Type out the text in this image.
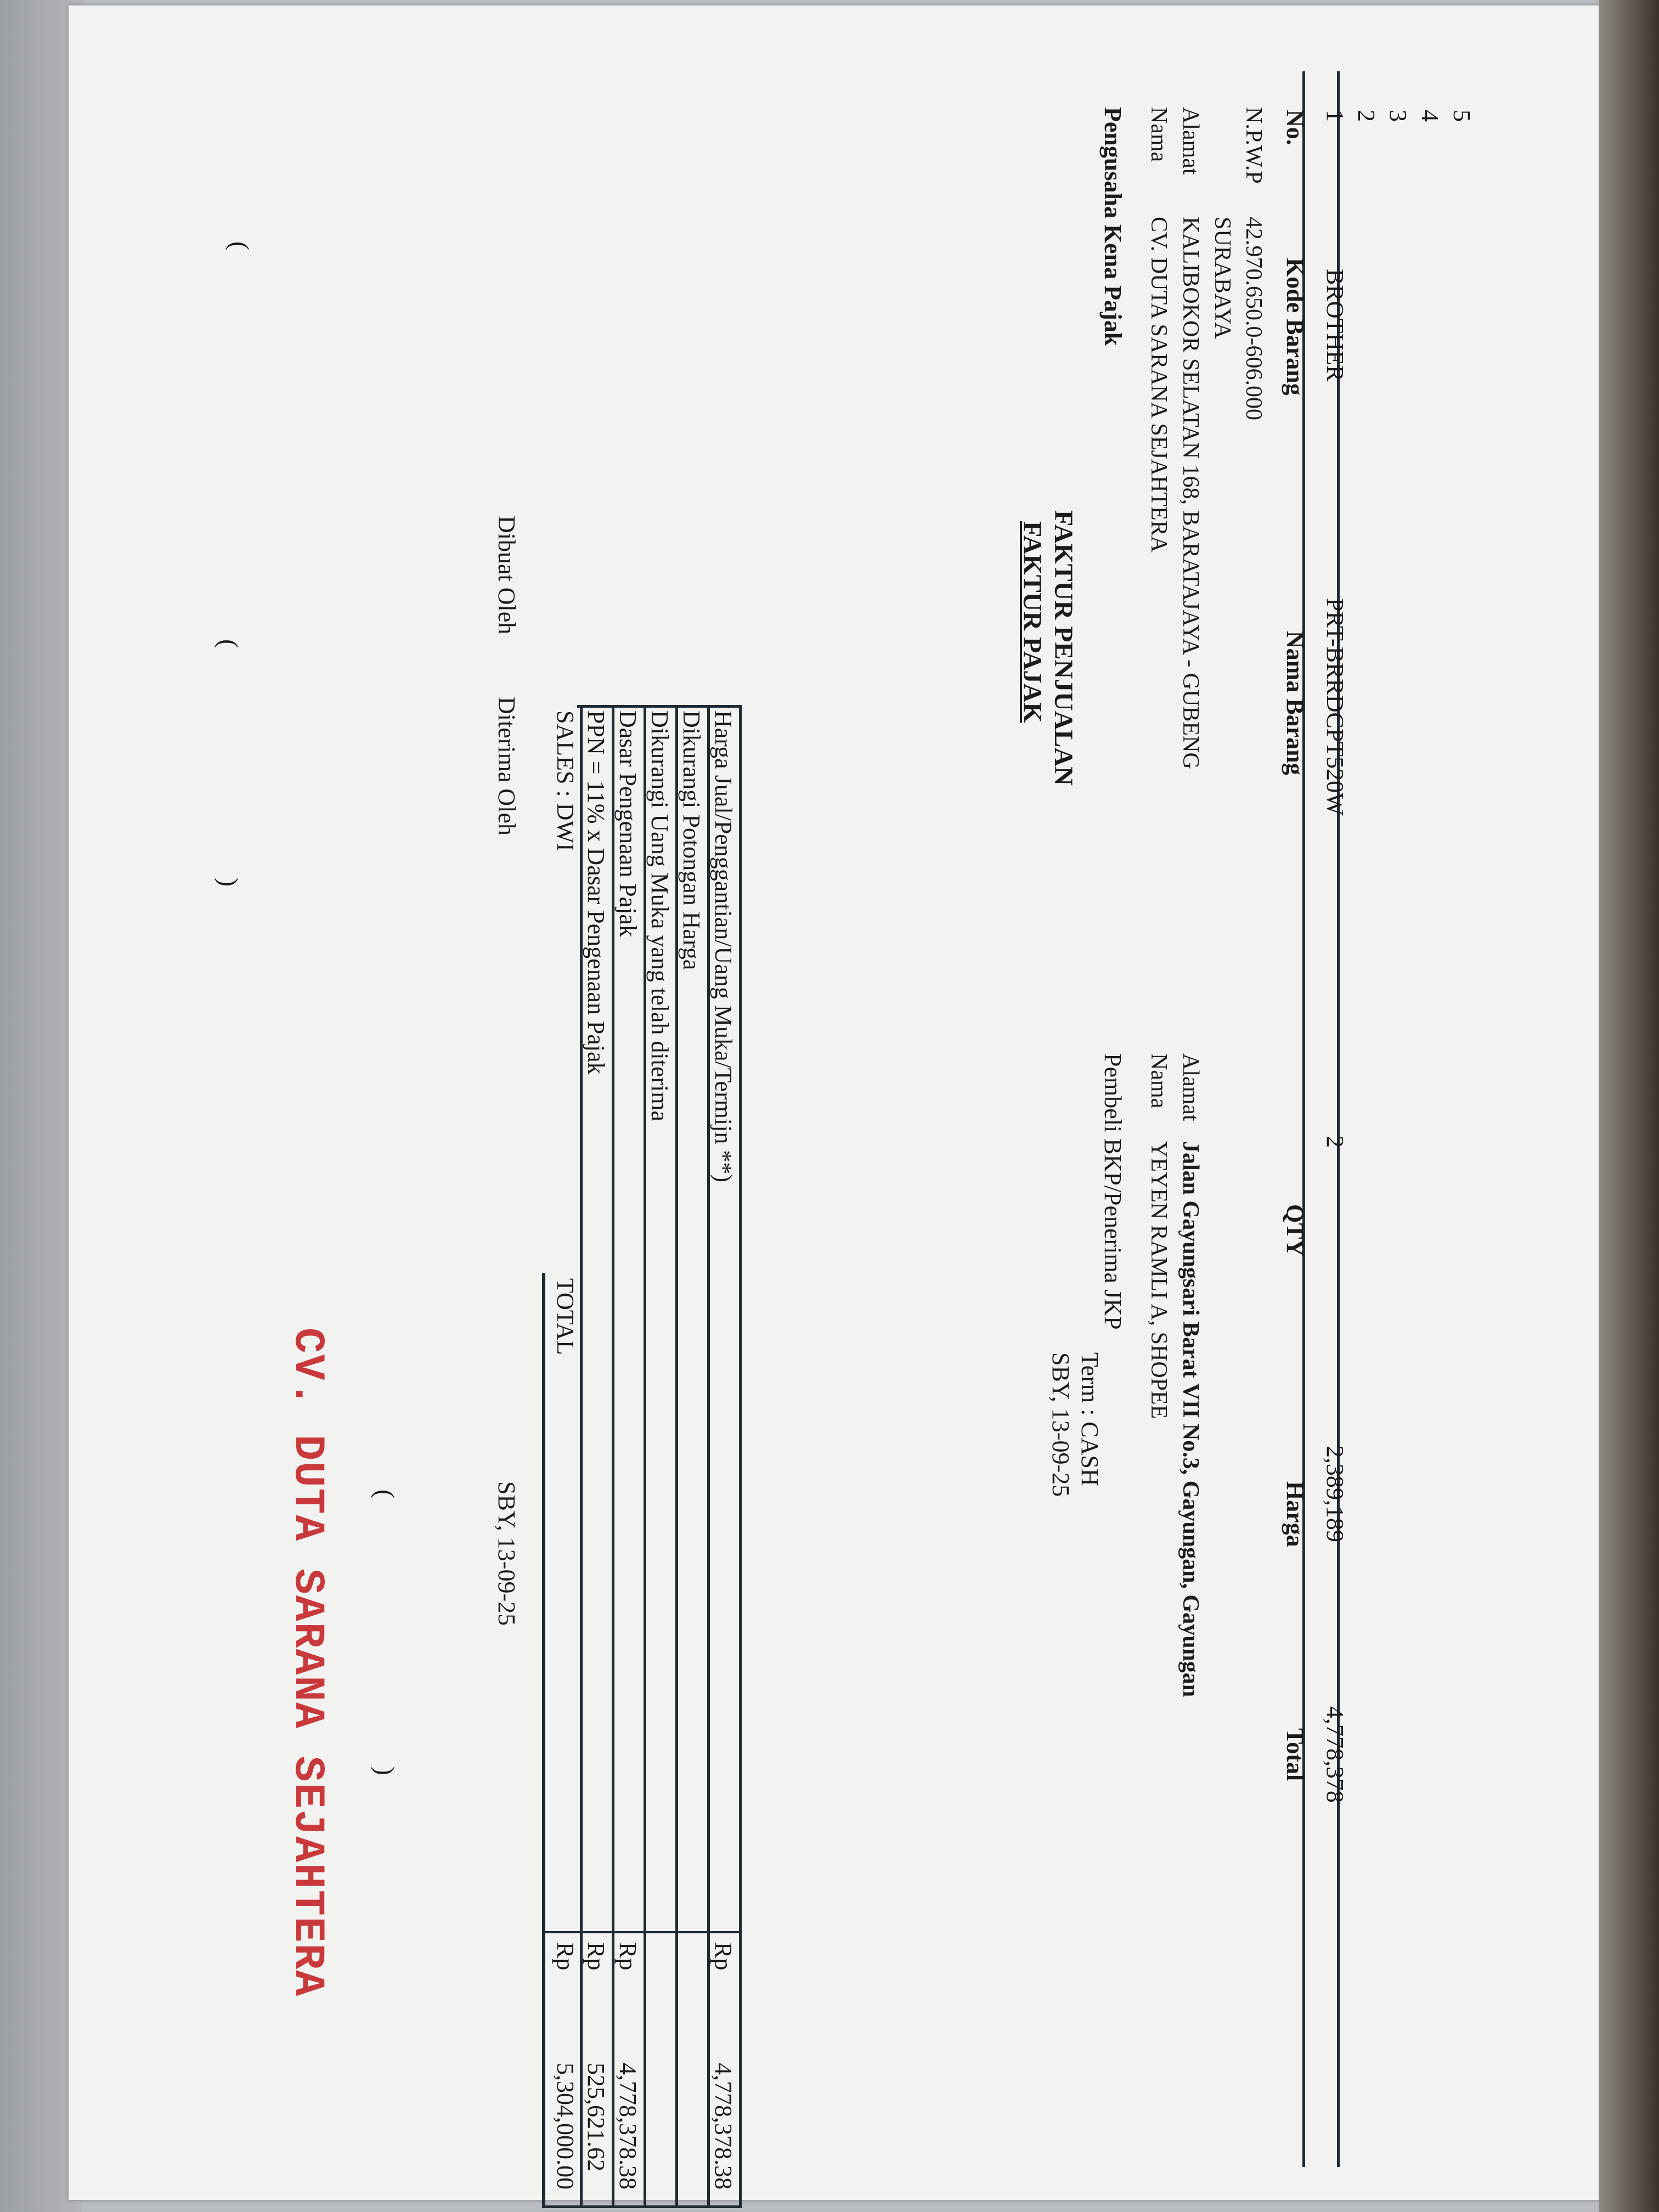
FAKTUR PAJAK FAKTUR PENJUALAN
SBY, 13-09-25 Term : CASH
Pengusaha Kena Pajak Nama
CV. DUTA SARANA SEJAHTERA
Alamat
KALIBOKOR SELATAN 168, BARATAJAYA - GUBENG SURABAYA
N.P.W.P
42.970.650.0-606.000
Pembeli BKP/Penerima JKP Nama
YEYEN RAMLI A, SHOPEE
Alamat
Jalan Gayungsari Barat VII No.3, Gayungan, Gayungan
No.
Kode Barang
Nama Barang
QTY
Harga
Total
1
BROTHER
PRT-BRRDCPT520W
2
2,389,189
4,778,378
2 3 4 5
Harga Jual/Penggantian/Uang Muka/Termijn **)
Rp
4,778,378.38
Dikurangi Potongan Harga
Dikurangi Uang Muka yang telah diterima
Dasar Pengenaan Pajak
Rp
4,778,378.38
PPN = 11% x Dasar Pengenaan Pajak
Rp
525,621.62
SALES : DWI
TOTAL
Rp
5,304,000.00
Dibuat Oleh
Diterima Oleh
SBY, 13-09-25
(
(
)
(
)
CV. DUTA SARANA SEJAHTERA
